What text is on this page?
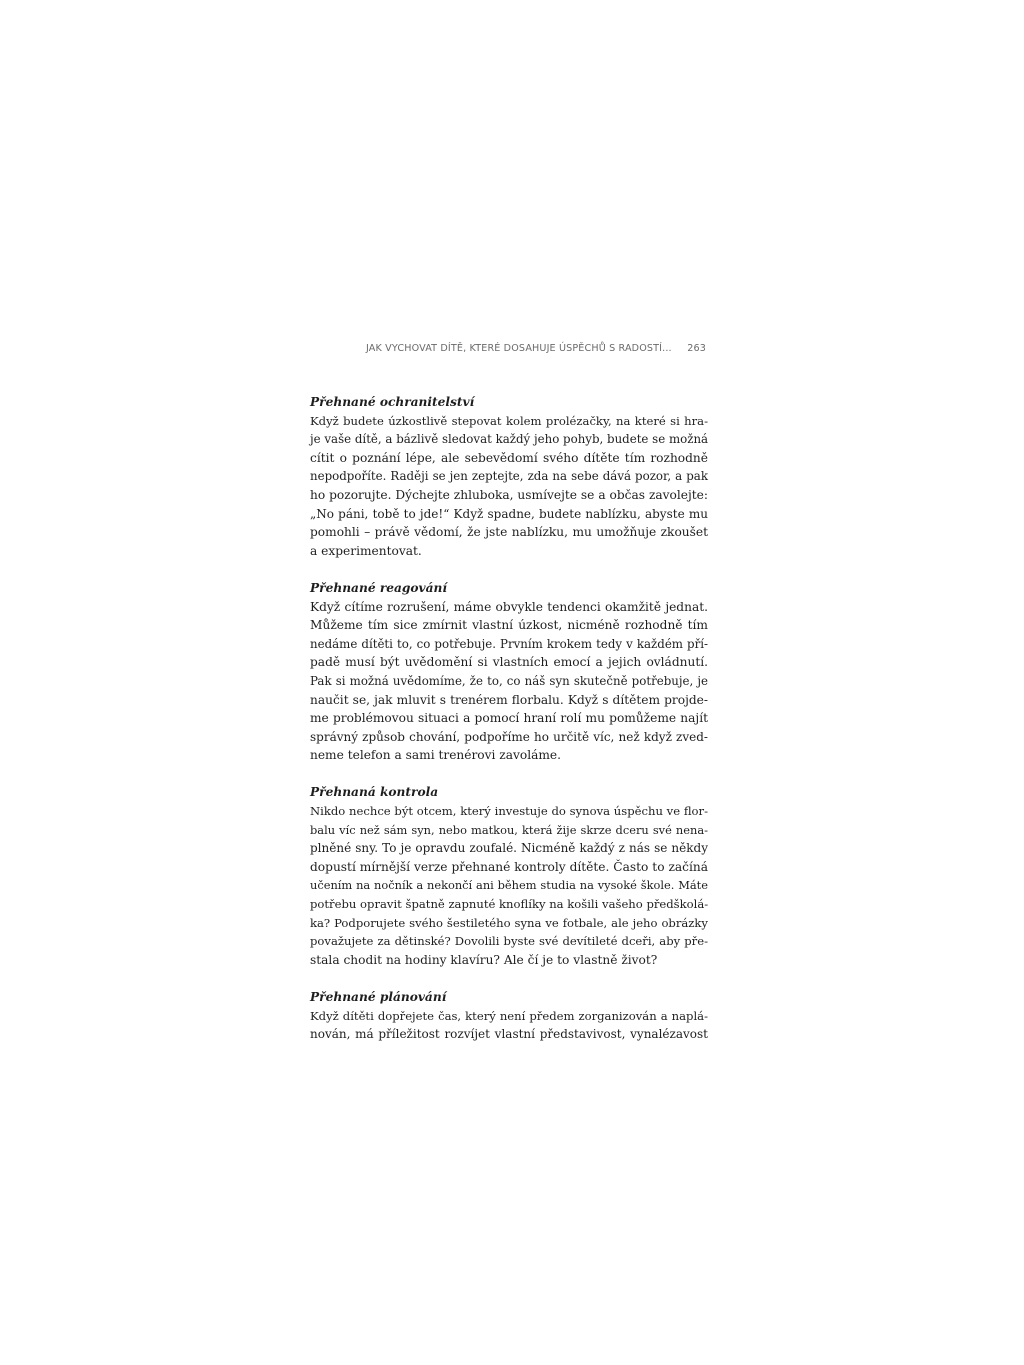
JAK VYCHOVAT DÍTĚ, KTERÉ DOSAHUJE ÚSPĚCHŮ S RADOSTÍ... 263
Přehnané ochranitelství
Když budete úzkostlivě stepovat kolem prolézačky, na které si hra-
je vaše dítě, a bázlivě sledovat každý jeho pohyb, budete se možná
cítit o poznání lépe, ale sebevědomí svého dítěte tím rozhodně
nepodpoříte. Raději se jen zeptejte, zda na sebe dává pozor, a pak
ho pozorujte. Dýchejte zhluboka, usmívejte se a občas zavolejte:
„No páni, tobě to jde!“ Když spadne, budete nablízku, abyste mu
pomohli – právě vědomí, že jste nablízku, mu umožňuje zkoušet
a experimentovat.
Přehnané reagování
Když cítíme rozrušení, máme obvykle tendenci okamžitě jednat.
Můžeme tím sice zmírnit vlastní úzkost, nicméně rozhodně tím
nedáme dítěti to, co potřebuje. Prvním krokem tedy v každém pří-
padě musí být uvědomění si vlastních emocí a jejich ovládnutí.
Pak si možná uvědomíme, že to, co náš syn skutečně potřebuje, je
naučit se, jak mluvit s trenérem florbalu. Když s dítětem projde-
me problémovou situaci a pomocí hraní rolí mu pomůžeme najít
správný způsob chování, podpoříme ho určitě víc, než když zved-
neme telefon a sami trenérovi zavoláme.
Přehnaná kontrola
Nikdo nechce být otcem, který investuje do synova úspěchu ve flor-
balu víc než sám syn, nebo matkou, která žije skrze dceru své nena-
plněné sny. To je opravdu zoufalé. Nicméně každý z nás se někdy
dopustí mírnější verze přehnané kontroly dítěte. Často to začíná
učením na nočník a nekončí ani během studia na vysoké škole. Máte
potřebu opravit špatně zapnuté knoflíky na košili vašeho předškolá-
ka? Podporujete svého šestiletého syna ve fotbale, ale jeho obrázky
považujete za dětinské? Dovolili byste své devítileté dceři, aby pře-
stala chodit na hodiny klavíru? Ale čí je to vlastně život?
Přehnané plánování
Když dítěti dopřejete čas, který není předem zorganizován a naplá-
nován, má příležitost rozvíjet vlastní představivost, vynalézavost
